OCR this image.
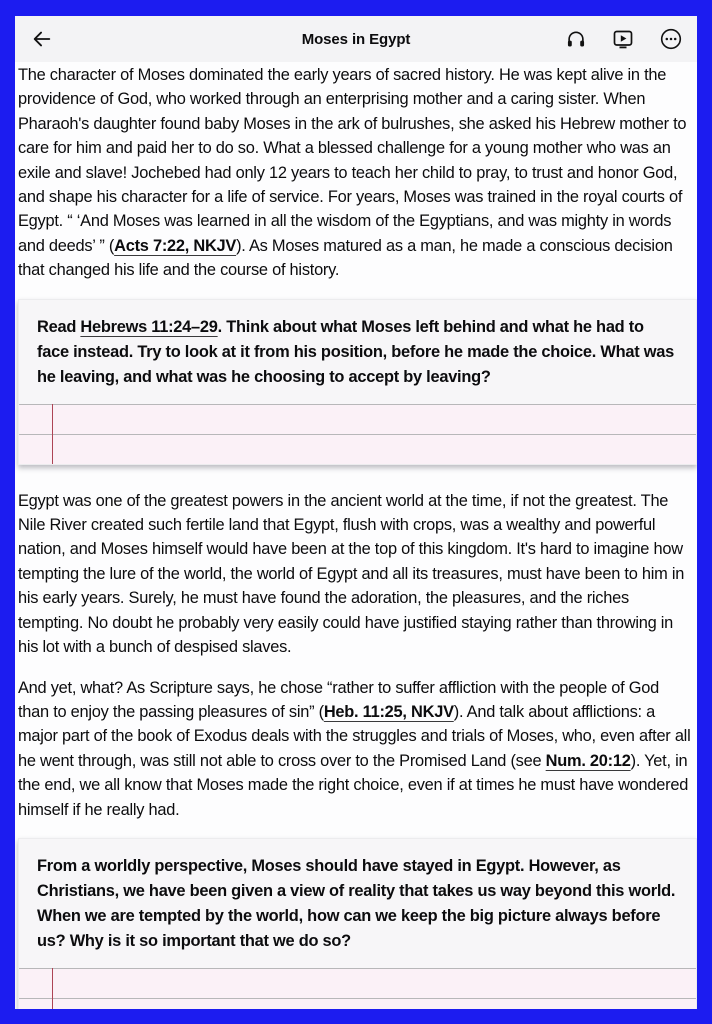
Moses in Egypt

The character of Moses dominated the early years of sacred history. He was kept alive in the providence of God, who worked through an enterprising mother and a caring sister. When Pharaoh's daughter found baby Moses in the ark of bulrushes, she asked his Hebrew mother to care for him and paid her to do so. What a blessed challenge for a young mother who was an exile and slave! Jochebed had only 12 years to teach her child to pray, to trust and honor God, and shape his character for a life of service. For years, Moses was trained in the royal courts of Egypt. “ ‘And Moses was learned in all the wisdom of the Egyptians, and was mighty in words and deeds’ ” (Acts 7:22, NKJV). As Moses matured as a man, he made a conscious decision that changed his life and the course of history.

Read Hebrews 11:24–29. Think about what Moses left behind and what he had to face instead. Try to look at it from his position, before he made the choice. What was he leaving, and what was he choosing to accept by leaving?

Egypt was one of the greatest powers in the ancient world at the time, if not the greatest. The Nile River created such fertile land that Egypt, flush with crops, was a wealthy and powerful nation, and Moses himself would have been at the top of this kingdom. It's hard to imagine how tempting the lure of the world, the world of Egypt and all its treasures, must have been to him in his early years. Surely, he must have found the adoration, the pleasures, and the riches tempting. No doubt he probably very easily could have justified staying rather than throwing in his lot with a bunch of despised slaves.

And yet, what? As Scripture says, he chose “rather to suffer affliction with the people of God than to enjoy the passing pleasures of sin” (Heb. 11:25, NKJV). And talk about afflictions: a major part of the book of Exodus deals with the struggles and trials of Moses, who, even after all he went through, was still not able to cross over to the Promised Land (see Num. 20:12). Yet, in the end, we all know that Moses made the right choice, even if at times he must have wondered himself if he really had.

From a worldly perspective, Moses should have stayed in Egypt. However, as Christians, we have been given a view of reality that takes us way beyond this world. When we are tempted by the world, how can we keep the big picture always before us? Why is it so important that we do so?
